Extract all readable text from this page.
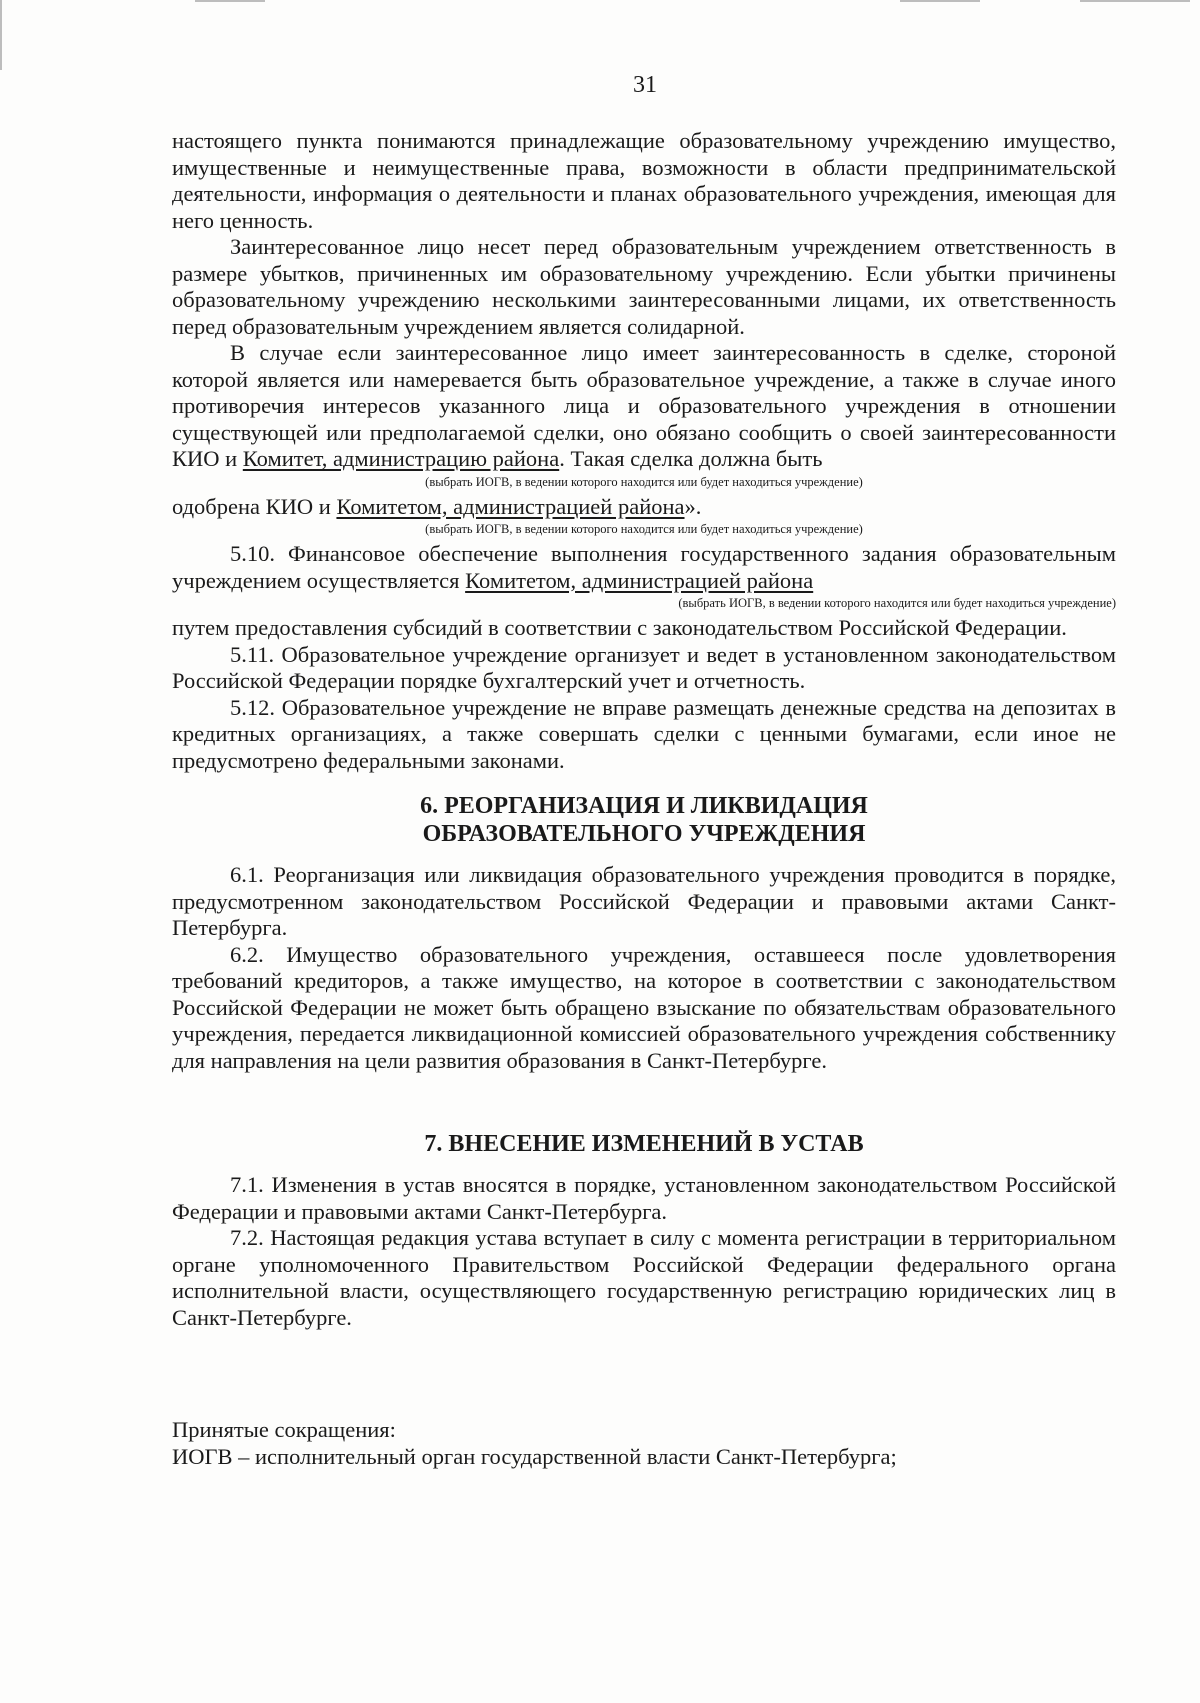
31

настоящего пункта понимаются принадлежащие образовательному учреждению имущество, имущественные и неимущественные права, возможности в области предпринимательской деятельности, информация о деятельности и планах образовательного учреждения, имеющая для него ценность.

Заинтересованное лицо несет перед образовательным учреждением ответственность в размере убытков, причиненных им образовательному учреждению. Если убытки причинены образовательному учреждению несколькими заинтересованными лицами, их ответственность перед образовательным учреждением является солидарной.

В случае если заинтересованное лицо имеет заинтересованность в сделке, стороной которой является или намеревается быть образовательное учреждение, а также в случае иного противоречия интересов указанного лица и образовательного учреждения в отношении существующей или предполагаемой сделки, оно обязано сообщить о своей заинтересованности КИО и Комитет, администрацию района. Такая сделка должна быть

(выбрать ИОГВ, в ведении которого находится или будет находиться учреждение)

одобрена КИО и Комитетом, администрацией района».

(выбрать ИОГВ, в ведении которого находится или будет находиться учреждение)

5.10. Финансовое обеспечение выполнения государственного задания образовательным учреждением осуществляется Комитетом, администрацией района

(выбрать ИОГВ, в ведении которого находится или будет находиться учреждение)

путем предоставления субсидий в соответствии с законодательством Российской Федерации.

5.11. Образовательное учреждение организует и ведет в установленном законодательством Российской Федерации порядке бухгалтерский учет и отчетность.

5.12. Образовательное учреждение не вправе размещать денежные средства на депозитах в кредитных организациях, а также совершать сделки с ценными бумагами, если иное не предусмотрено федеральными законами.

6. РЕОРГАНИЗАЦИЯ И ЛИКВИДАЦИЯ
ОБРАЗОВАТЕЛЬНОГО УЧРЕЖДЕНИЯ

6.1. Реорганизация или ликвидация образовательного учреждения проводится в порядке, предусмотренном законодательством Российской Федерации и правовыми актами Санкт-Петербурга.

6.2. Имущество образовательного учреждения, оставшееся после удовлетворения требований кредиторов, а также имущество, на которое в соответствии с законодательством Российской Федерации не может быть обращено взыскание по обязательствам образовательного учреждения, передается ликвидационной комиссией образовательного учреждения собственнику для направления на цели развития образования в Санкт-Петербурге.

7. ВНЕСЕНИЕ ИЗМЕНЕНИЙ В УСТАВ

7.1. Изменения в устав вносятся в порядке, установленном законодательством Российской Федерации и правовыми актами Санкт-Петербурга.

7.2. Настоящая редакция устава вступает в силу с момента регистрации в территориальном органе уполномоченного Правительством Российской Федерации федерального органа исполнительной власти, осуществляющего государственную регистрацию юридических лиц в Санкт-Петербурге.

Принятые сокращения:

ИОГВ – исполнительный орган государственной власти Санкт-Петербурга;
